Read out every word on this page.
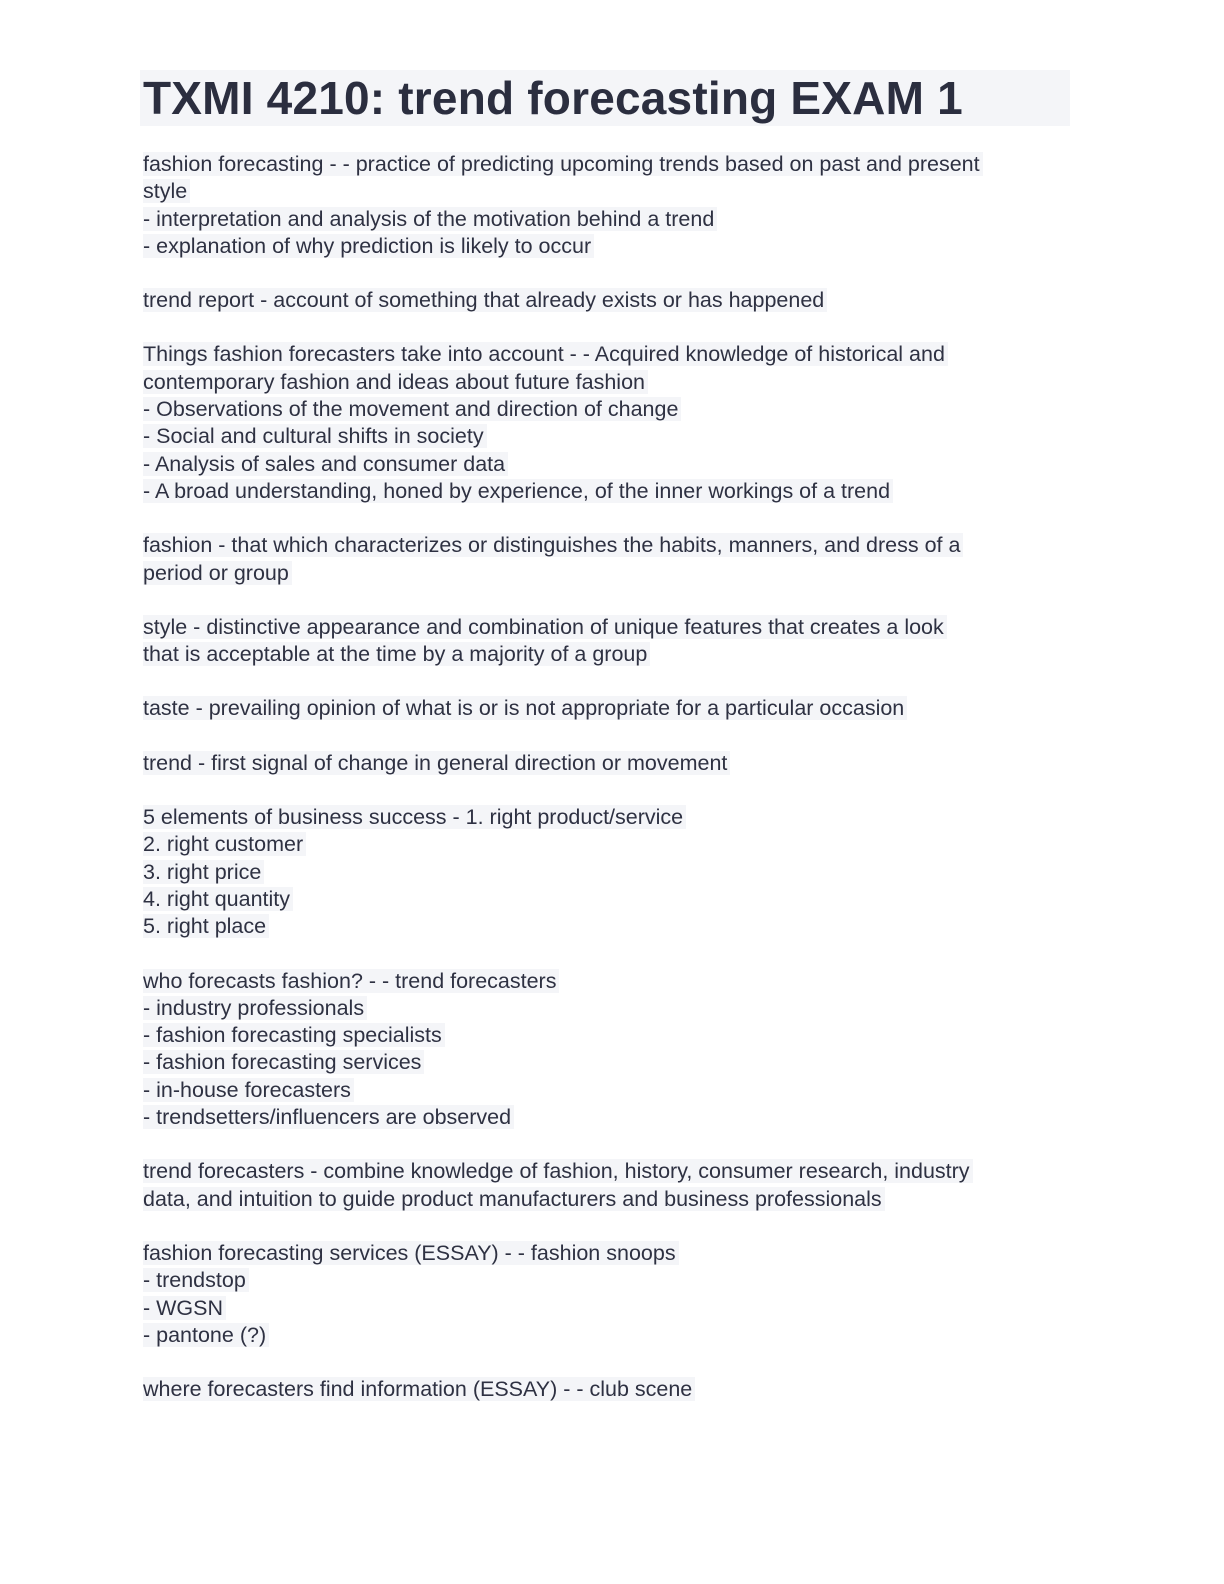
TXMI 4210: trend forecasting EXAM 1
fashion forecasting - - practice of predicting upcoming trends based on past and present
style
- interpretation and analysis of the motivation behind a trend
- explanation of why prediction is likely to occur
trend report - account of something that already exists or has happened
Things fashion forecasters take into account - - Acquired knowledge of historical and
contemporary fashion and ideas about future fashion
- Observations of the movement and direction of change
- Social and cultural shifts in society
- Analysis of sales and consumer data
- A broad understanding, honed by experience, of the inner workings of a trend
fashion - that which characterizes or distinguishes the habits, manners, and dress of a
period or group
style - distinctive appearance and combination of unique features that creates a look
that is acceptable at the time by a majority of a group
taste - prevailing opinion of what is or is not appropriate for a particular occasion
trend - first signal of change in general direction or movement
5 elements of business success - 1. right product/service
2. right customer
3. right price
4. right quantity
5. right place
who forecasts fashion? - - trend forecasters
- industry professionals
- fashion forecasting specialists
- fashion forecasting services
- in-house forecasters
- trendsetters/influencers are observed
trend forecasters - combine knowledge of fashion, history, consumer research, industry
data, and intuition to guide product manufacturers and business professionals
fashion forecasting services (ESSAY) - - fashion snoops
- trendstop
- WGSN
- pantone (?)
where forecasters find information (ESSAY) - - club scene
